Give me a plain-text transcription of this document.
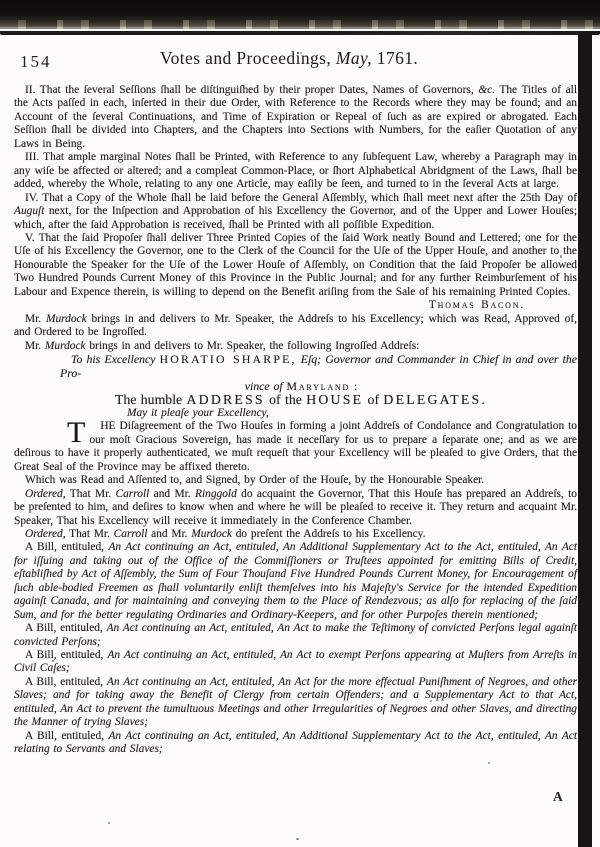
154	Votes and Proceedings, May, 1761.

II. That the ſeveral Seſſions ſhall be diſtinguiſhed by their proper Dates, Names of Governors, &c. The Titles of all the Acts paſſed in each, inſerted in their due Order, with Reference to the Records where they may be found; and an Account of the ſeveral Continuations, and Time of Expiration or Repeal of ſuch as are expired or abrogated. Each Seſſion ſhall be divided into Chapters, and the Chapters into Sections with Numbers, for the eaſier Quotation of any Laws in Being.

III. That ample marginal Notes ſhall be Printed, with Reference to any ſubſequent Law, whereby a Paragraph may in any wiſe be affected or altered; and a compleat Common-Place, or ſhort Alphabetical Abridgment of the Laws, ſhall be added, whereby the Whole, relating to any one Article, may eaſily be ſeen, and turned to in the ſeveral Acts at large.

IV. That a Copy of the Whole ſhall be laid before the General Aſſembly, which ſhall meet next after the 25th Day of Auguſt next, for the Inſpection and Approbation of his Excellency the Governor, and of the Upper and Lower Houſes; which, after the ſaid Approbation is received, ſhall be Printed with all poſſible Expedition.

V. That the ſaid Propoſer ſhall deliver Three Printed Copies of the ſaid Work neatly Bound and Lettered; one for the Uſe of his Excellency the Governor, one to the Clerk of the Council for the Uſe of the Upper Houſe, and another to the Honourable the Speaker for the Uſe of the Lower Houſe of Aſſembly, on Condition that the ſaid Propoſer be allowed Two Hundred Pounds Current Money of this Province in the Public Journal; and for any further Reimburſement of his Labour and Expence therein, is willing to depend on the Benefit ariſing from the Sale of his remaining Printed Copies.

Thomas Bacon.

Mr. Murdock brings in and delivers to Mr. Speaker, the Addreſs to his Excellency; which was Read, Approved of, and Ordered to be Ingroſſed.

Mr. Murdock brings in and delivers to Mr. Speaker, the following Ingroſſed Addreſs:

To his Excellency HORATIO SHARPE, Eſq; Governor and Commander in Chief in and over the Pro-

vince of Maryland :

The humble ADDRESS of the HOUSE of DELEGATES.

May it pleaſe your Excellency,

T HE Diſagreement of the Two Houſes in forming a joint Addreſs of Condolance and Congratulation to our moſt Gracious Sovereign, has made it neceſſary for us to prepare a ſeparate one; and as we are deſirous to have it properly authenticated, we muſt requeſt that your Excellency will be pleaſed to give Orders, that the Great Seal of the Province may be affixed thereto.

Which was Read and Aſſented to, and Signed, by Order of the Houſe, by the Honourable Speaker.

Ordered, That Mr. Carroll and Mr. Ringgold do acquaint the Governor, That this Houſe has prepared an Addreſs, to be preſented to him, and deſires to know when and where he will be pleaſed to receive it. They return and acquaint Mr. Speaker, That his Excellency will receive it immediately in the Conference Chamber.

Ordered, That Mr. Carroll and Mr. Murdock do preſent the Addreſs to his Excellency.

A Bill, entituled, An Act continuing an Act, entituled, An Additional Supplementary Act to the Act, entituled, An Act for iſſuing and taking out of the Office of the Commiſſioners or Truſtees appointed for emitting Bills of Credit, eſtabliſhed by Act of Aſſembly, the Sum of Four Thouſand Five Hundred Pounds Current Money, for Encouragement of ſuch able-bodied Freemen as ſhall voluntarily enliſt themſelves into his Majeſty's Service for the intended Expedition againſt Canada, and for maintaining and conveying them to the Place of Rendezvous; as alſo for replacing of the ſaid Sum, and for the better regulating Ordinaries and Ordinary-Keepers, and for other Purpoſes therein mentioned;

A Bill, entituled, An Act continuing an Act, entituled, An Act to make the Teſtimony of convicted Perſons legal againſt convicted Perſons;

A Bill, entituled, An Act continuing an Act, entituled, An Act to exempt Perſons appearing at Muſters from Arreſts in Civil Caſes;

A Bill, entituled, An Act continuing an Act, entituled, An Act for the more effectual Puniſhment of Negroes, and other Slaves; and for taking away the Benefit of Clergy from certain Offenders; and a Supplementary Act to that Act, entituled, An Act to prevent the tumultuous Meetings and other Irregularities of Negroes and other Slaves, and directing the Manner of trying Slaves;

A Bill, entituled, An Act continuing an Act, entituled, An Additional Supplementary Act to the Act, entituled, An Act relating to Servants and Slaves;

A
